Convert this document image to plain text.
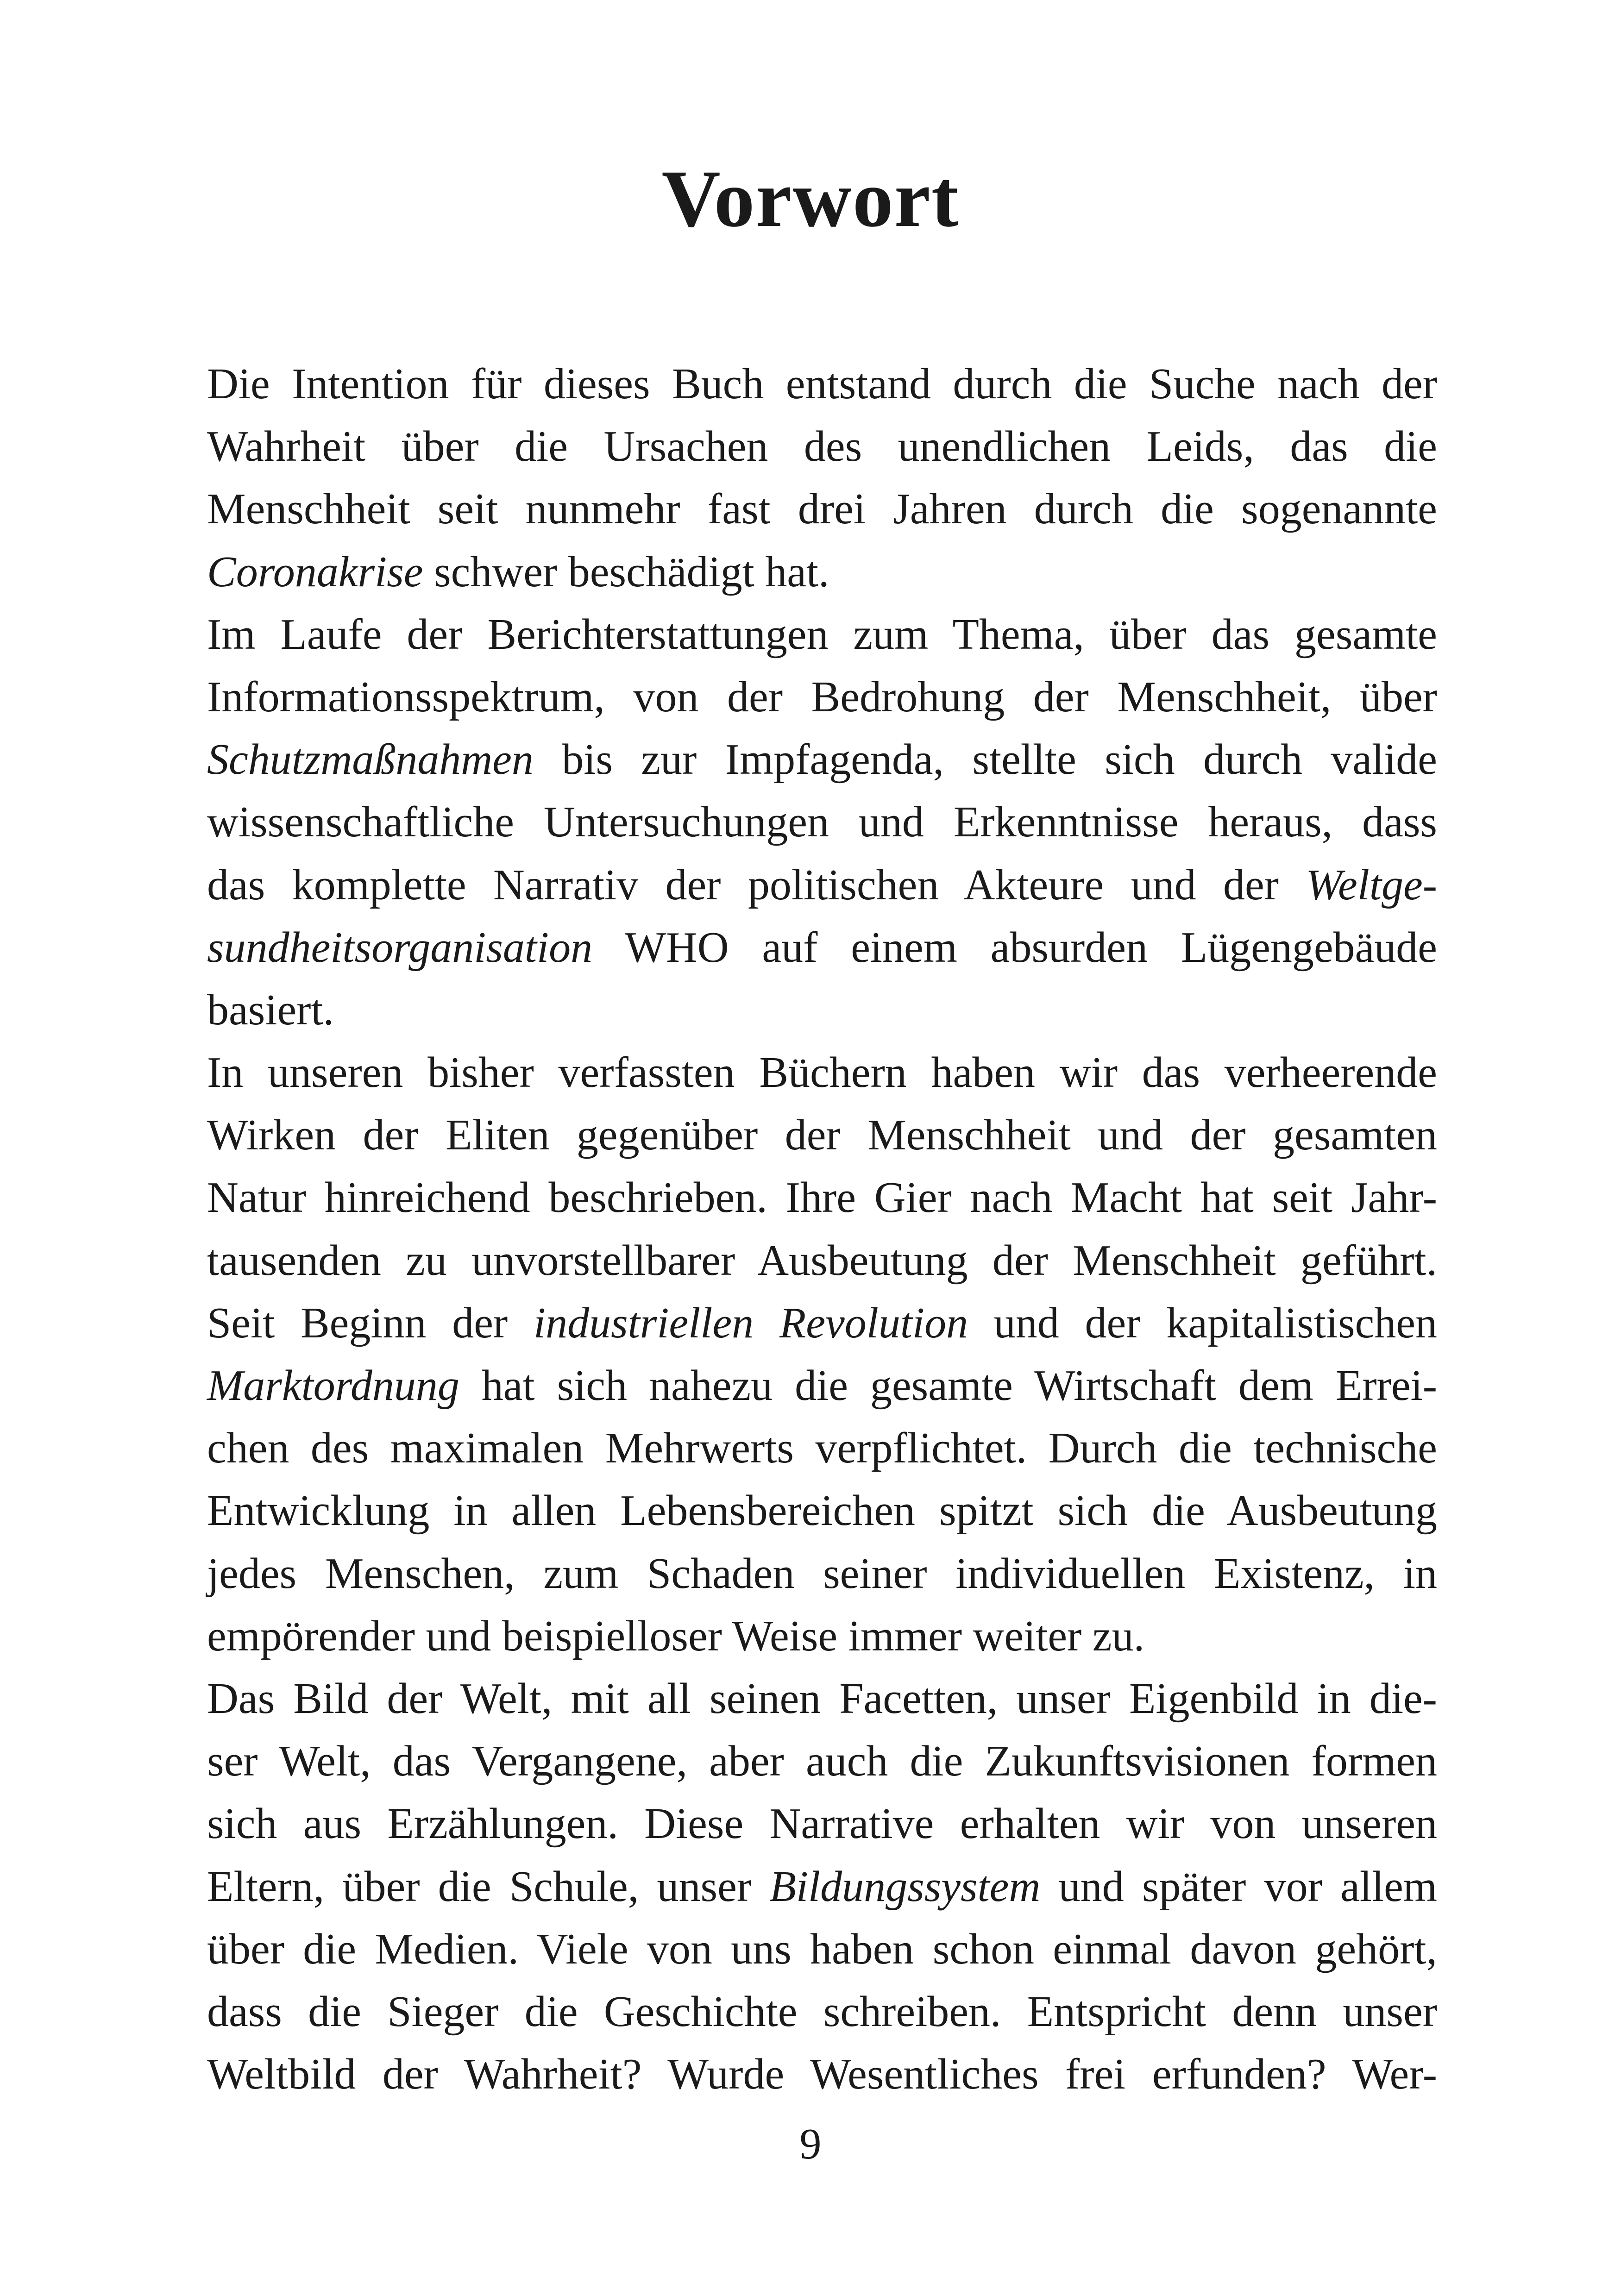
Vorwort
Die Intention für dieses Buch entstand durch die Suche nach der
Wahrheit über die Ursachen des unendlichen Leids, das die
Menschheit seit nunmehr fast drei Jahren durch die sogenannte
Coronakrise schwer beschädigt hat.
Im Laufe der Berichterstattungen zum Thema, über das gesamte
Informationsspektrum, von der Bedrohung der Menschheit, über
Schutzmaßnahmen bis zur Impfagenda, stellte sich durch valide
wissenschaftliche Untersuchungen und Erkenntnisse heraus, dass
das komplette Narrativ der politischen Akteure und der Weltge-
sundheitsorganisation WHO auf einem absurden Lügengebäude
basiert.
In unseren bisher verfassten Büchern haben wir das verheerende
Wirken der Eliten gegenüber der Menschheit und der gesamten
Natur hinreichend beschrieben. Ihre Gier nach Macht hat seit Jahr-
tausenden zu unvorstellbarer Ausbeutung der Menschheit geführt.
Seit Beginn der industriellen Revolution und der kapitalistischen
Marktordnung hat sich nahezu die gesamte Wirtschaft dem Errei-
chen des maximalen Mehrwerts verpflichtet. Durch die technische
Entwicklung in allen Lebensbereichen spitzt sich die Ausbeutung
jedes Menschen, zum Schaden seiner individuellen Existenz, in
empörender und beispielloser Weise immer weiter zu.
Das Bild der Welt, mit all seinen Facetten, unser Eigenbild in die-
ser Welt, das Vergangene, aber auch die Zukunftsvisionen formen
sich aus Erzählungen. Diese Narrative erhalten wir von unseren
Eltern, über die Schule, unser Bildungssystem und später vor allem
über die Medien. Viele von uns haben schon einmal davon gehört,
dass die Sieger die Geschichte schreiben. Entspricht denn unser
Weltbild der Wahrheit? Wurde Wesentliches frei erfunden? Wer-
9
